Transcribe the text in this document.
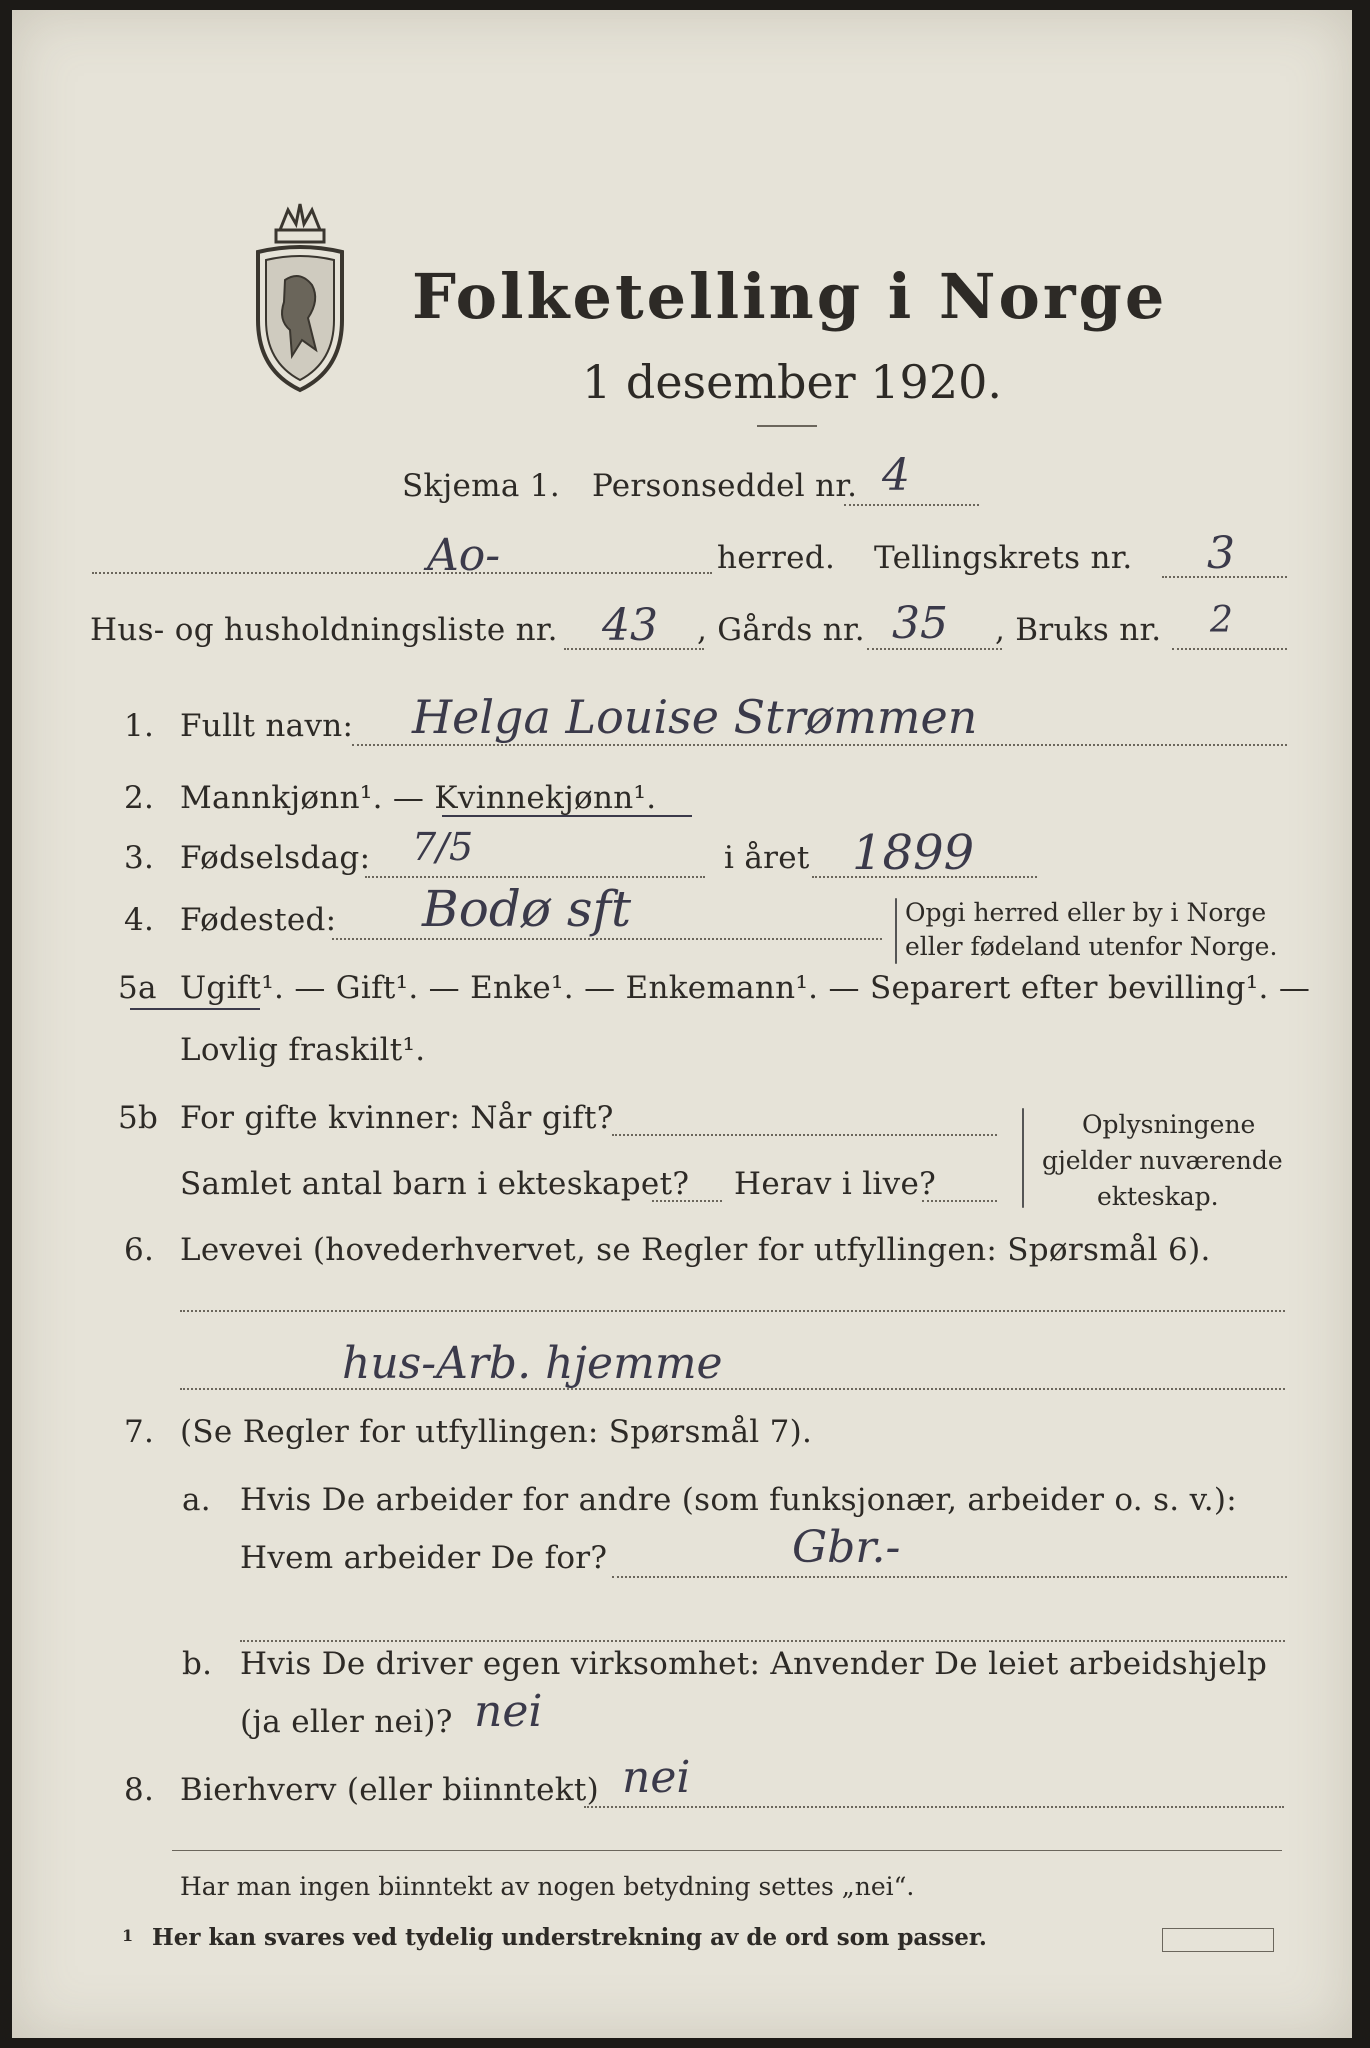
Folketelling i Norge
1 desember 1920.
Skjema 1. Personseddel nr. 4
Ao-	herred. Tellingskrets nr. 3
Hus- og husholdningsliste nr. 43 , Gårds nr. 35 , Bruks nr. 2
1. Fullt navn: Helga Louise Strømmen
2. Mannkjønn¹. — Kvinnekjønn¹.
3. Fødselsdag: 7/5	i året 1899
4. Fødested: Bodø sft	Opgi herred eller by i Norge
eller fødeland utenfor Norge.
5a Ugift¹. — Gift¹. — Enke¹. — Enkemann¹. — Separert efter bevilling¹. —
Lovlig fraskilt¹.
5b For gifte kvinner: Når gift?
Samlet antal barn i ekteskapet? Herav i live?
Oplysningene
gjelder nuværende
ekteskap.
6. Levevei (hovederhvervet, se Regler for utfyllingen: Spørsmål 6).
hus-Arb. hjemme
7. (Se Regler for utfyllingen: Spørsmål 7).
a. Hvis De arbeider for andre (som funksjonær, arbeider o. s. v.):
Hvem arbeider De for?	Gbr.-
b. Hvis De driver egen virksomhet: Anvender De leiet arbeidshjelp
(ja eller nei)? nei
8. Bierhverv (eller biinntekt) nei
Har man ingen biinntekt av nogen betydning settes „nei“.
1 Her kan svares ved tydelig understrekning av de ord som passer.
